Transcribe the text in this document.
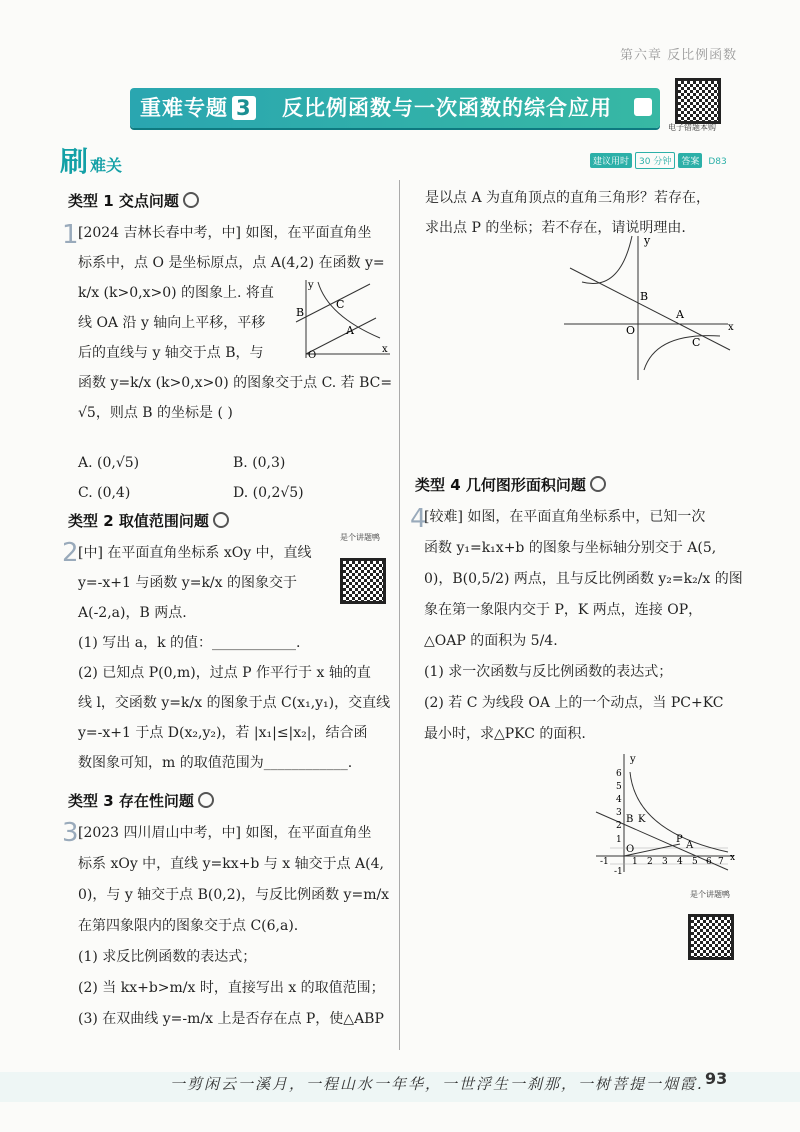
第六章 反比例函数
重难专题 3 反比例函数与一次函数的综合应用
电子错题本购
刷难关	建议用时 30 分钟 答案 D83
类型 1 交点问题
1 [2024 吉林长春中考，中] 如图，在平面直角坐
标系中，点 O 是坐标原点，点 A(4,2) 在函数 y=
k/x (k>0,x>0) 的图象上. 将直
线 OA 沿 y 轴向上平移，平移
后的直线与 y 轴交于点 B，与
函数 y=k/x (k>0,x>0) 的图象交于点 C. 若 BC=
√5，则点 B 的坐标是 ( )
B
C
A
O
y
x
A. (0,√5)	B. (0,3)
C. (0,4)	D. (0,2√5)
类型 2 取值范围问题
2
是个讲题鸭
[中] 在平面直角坐标系 xOy 中，直线
y=-x+1 与函数 y=k/x 的图象交于
A(-2,a)，B 两点.
(1) 写出 a，k 的值：____________.
(2) 已知点 P(0,m)，过点 P 作平行于 x 轴的直
线 l，交函数 y=k/x 的图象于点 C(x₁,y₁)，交直线
y=-x+1 于点 D(x₂,y₂)，若 |x₁|≤|x₂|，结合函
数图象可知，m 的取值范围为____________.
类型 3 存在性问题
3 [2023 四川眉山中考，中] 如图，在平面直角坐
标系 xOy 中，直线 y=kx+b 与 x 轴交于点 A(4,
0)，与 y 轴交于点 B(0,2)，与反比例函数 y=m/x
在第四象限内的图象交于点 C(6,a).
(1) 求反比例函数的表达式；
(2) 当 kx+b>m/x 时，直接写出 x 的取值范围；
(3) 在双曲线 y=-m/x 上是否存在点 P，使△ABP
是以点 A 为直角顶点的直角三角形？若存在，
求出点 P 的坐标；若不存在，请说明理由.
y
B
A
O
C
x
类型 4 几何图形面积问题
4
[较难] 如图，在平面直角坐标系中，已知一次
函数 y₁=k₁x+b 的图象与坐标轴分别交于 A(5,
0)，B(0,5/2) 两点，且与反比例函数 y₂=k₂/x 的图
象在第一象限内交于 P，K 两点，连接 OP，
△OAP 的面积为 5/4.
(1) 求一次函数与反比例函数的表达式；
(2) 若 C 为线段 OA 上的一个动点，当 PC+KC
最小时，求△PKC 的面积.
y
6
5
4
3
2
1
B K
P
A
O
-1	1 2 3 4 5 6 7 x
-1
是个讲题鸭
一剪闲云一溪月，一程山水一年华，一世浮生一刹那，一树菩提一烟霞. 93
